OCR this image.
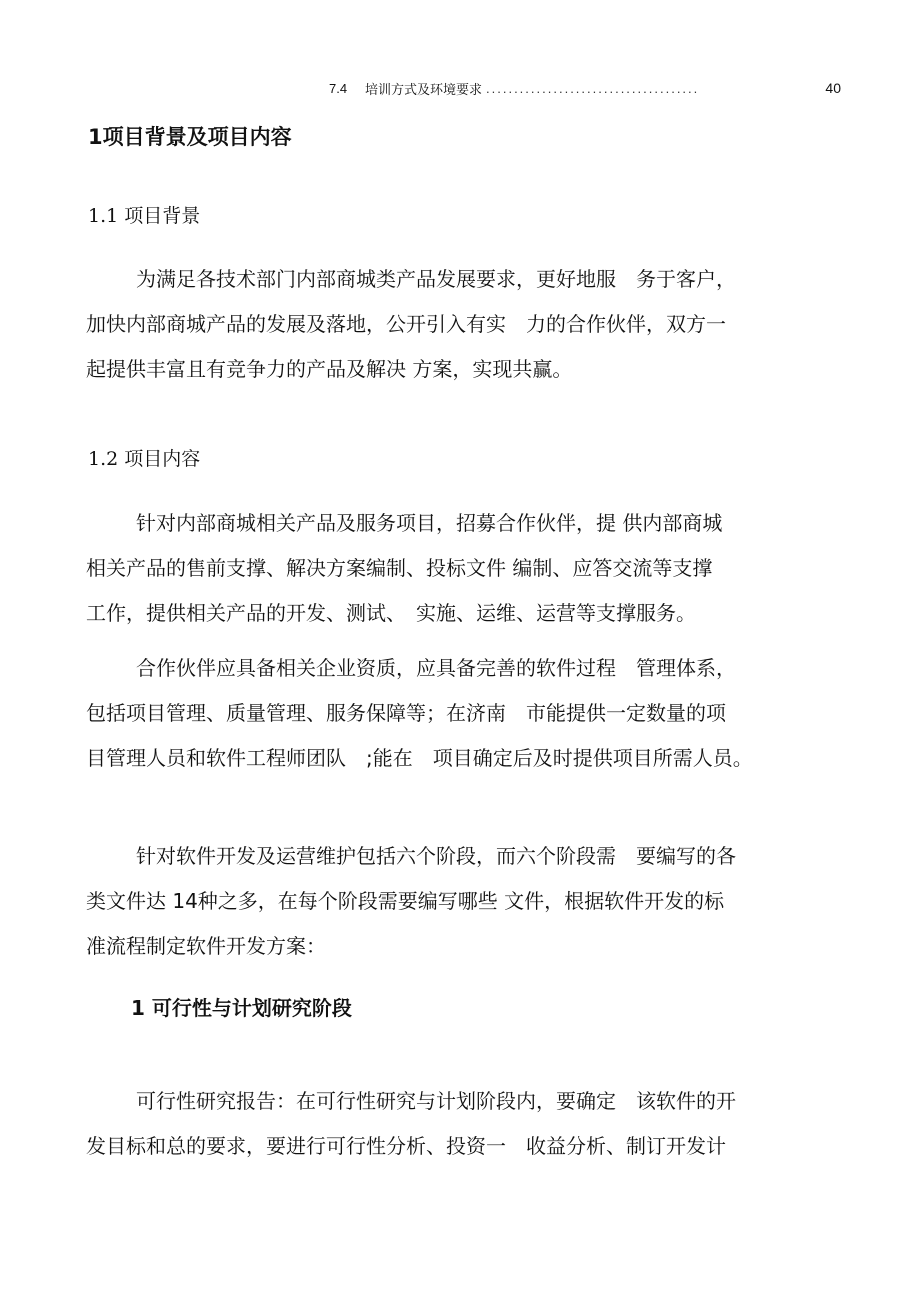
7.4	培训方式及环境要求 ......................................	40
1项目背景及项目内容
1.1 项目背景
为满足各技术部门内部商城类产品发展要求，更好地服　务于客户，
加快内部商城产品的发展及落地，公开引入有实　力的合作伙伴，双方一
起提供丰富且有竞争力的产品及解决 方案，实现共赢。
1.2 项目内容
针对内部商城相关产品及服务项目，招募合作伙伴，提 供内部商城
相关产品的售前支撑、解决方案编制、投标文件 编制、应答交流等支撑
工作，提供相关产品的开发、测试、　实施、运维、运营等支撑服务。
合作伙伴应具备相关企业资质，应具备完善的软件过程　管理体系，
包括项目管理、质量管理、服务保障等；在济南　市能提供一定数量的项
目管理人员和软件工程师团队　;能在　项目确定后及时提供项目所需人员。
针对软件开发及运营维护包括六个阶段，而六个阶段需　要编写的各
类文件达 14种之多，在每个阶段需要编写哪些 文件，根据软件开发的标
准流程制定软件开发方案：
1 可行性与计划研究阶段
可行性研究报告：在可行性研究与计划阶段内，要确定　该软件的开
发目标和总的要求，要进行可行性分析、投资一　收益分析、制订开发计
